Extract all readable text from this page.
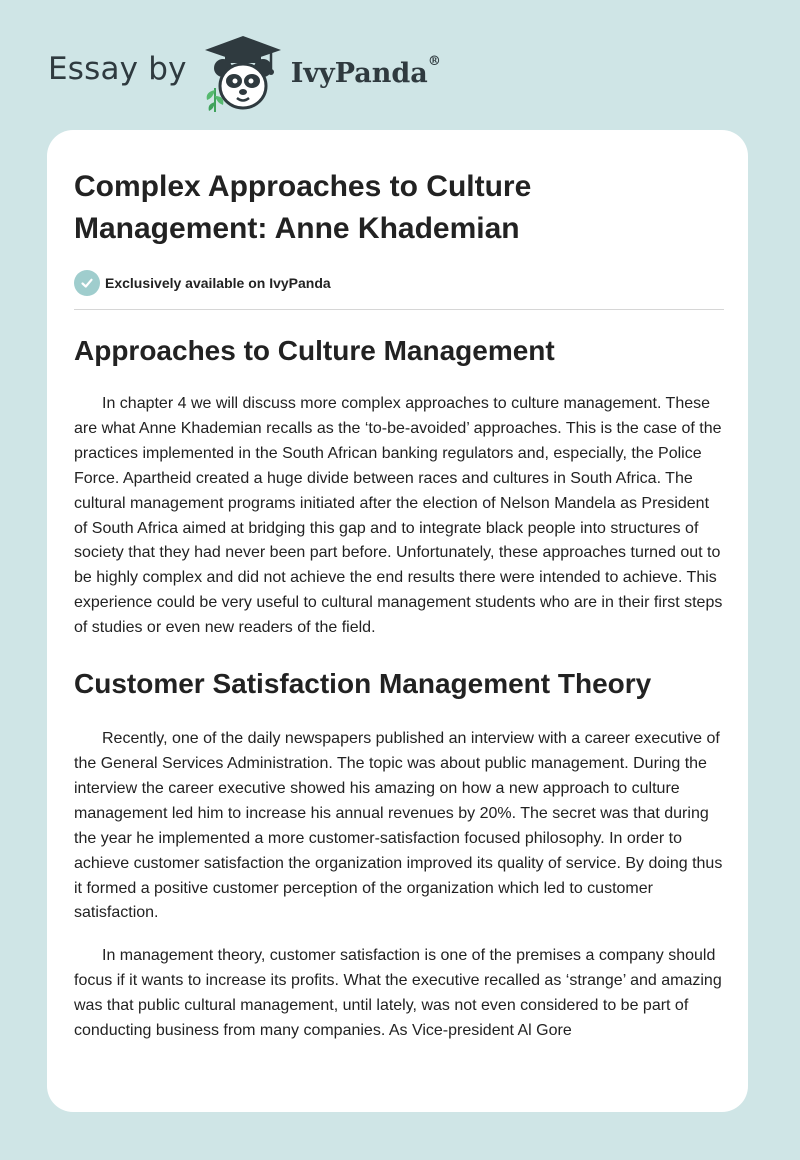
Essay by	IvyPanda®
Complex Approaches to Culture Management: Anne Khademian
Exclusively available on IvyPanda
Approaches to Culture Management

In chapter 4 we will discuss more complex approaches to culture management. These are what Anne Khademian recalls as the ‘to-be-avoided’ approaches. This is the case of the practices implemented in the South African banking regulators and, especially, the Police Force. Apartheid created a huge divide between races and cultures in South Africa. The cultural management programs initiated after the election of Nelson Mandela as President of South Africa aimed at bridging this gap and to integrate black people into structures of society that they had never been part before. Unfortunately, these approaches turned out to be highly complex and did not achieve the end results there were intended to achieve. This experience could be very useful to cultural management students who are in their first steps of studies or even new readers of the field.

Customer Satisfaction Management Theory

Recently, one of the daily newspapers published an interview with a career executive of the General Services Administration. The topic was about public management. During the interview the career executive showed his amazing on how a new approach to culture management led him to increase his annual revenues by 20%. The secret was that during the year he implemented a more customer-satisfaction focused philosophy. In order to achieve customer satisfaction the organization improved its quality of service. By doing thus it formed a positive customer perception of the organization which led to customer satisfaction.

In management theory, customer satisfaction is one of the premises a company should focus if it wants to increase its profits. What the executive recalled as ‘strange’ and amazing was that public cultural management, until lately, was not even considered to be part of conducting business from many companies. As Vice-president Al Gore
